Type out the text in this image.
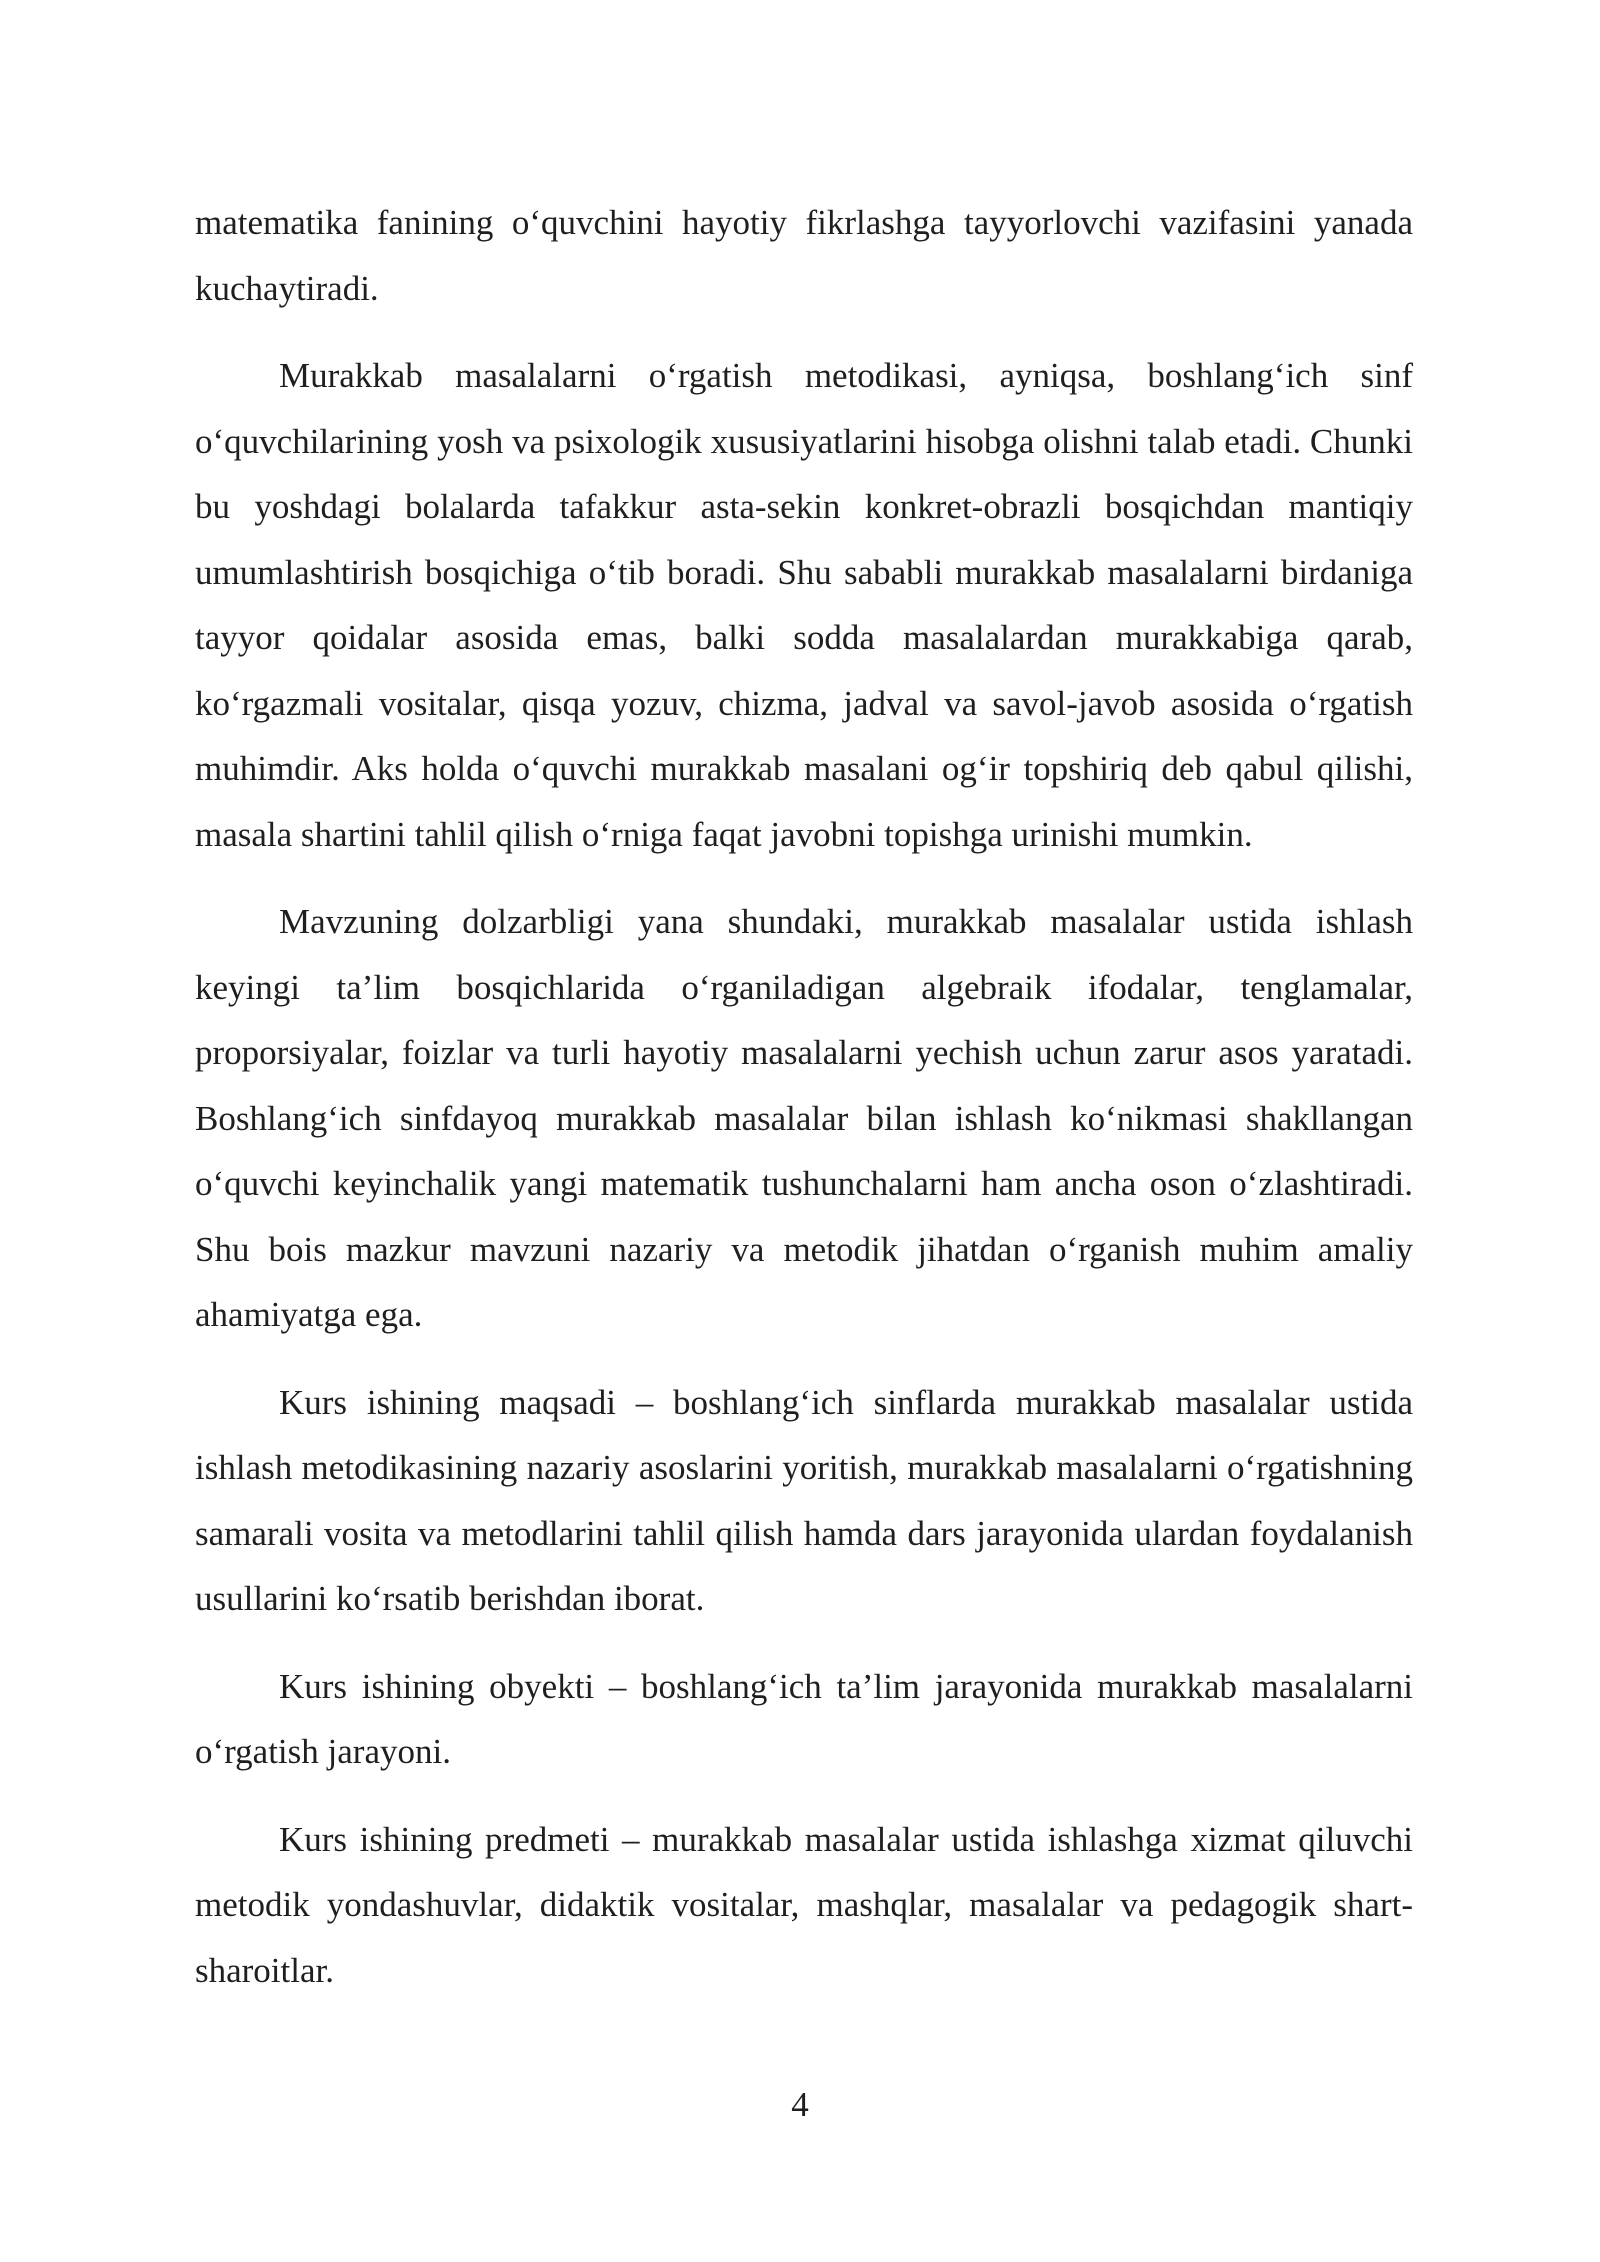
matematika fanining o‘quvchini hayotiy fikrlashga tayyorlovchi vazifasini yanada kuchaytiradi.

Murakkab masalalarni o‘rgatish metodikasi, ayniqsa, boshlang‘ich sinf o‘quvchilarining yosh va psixologik xususiyatlarini hisobga olishni talab etadi. Chunki bu yoshdagi bolalarda tafakkur asta-sekin konkret-obrazli bosqichdan mantiqiy umumlashtirish bosqichiga o‘tib boradi. Shu sababli murakkab masalalarni birdaniga tayyor qoidalar asosida emas, balki sodda masalalardan murakkabiga qarab, ko‘rgazmali vositalar, qisqa yozuv, chizma, jadval va savol-javob asosida o‘rgatish muhimdir. Aks holda o‘quvchi murakkab masalani og‘ir topshiriq deb qabul qilishi, masala shartini tahlil qilish o‘rniga faqat javobni topishga urinishi mumkin.

Mavzuning dolzarbligi yana shundaki, murakkab masalalar ustida ishlash keyingi ta’lim bosqichlarida o‘rganiladigan algebraik ifodalar, tenglamalar, proporsiyalar, foizlar va turli hayotiy masalalarni yechish uchun zarur asos yaratadi. Boshlang‘ich sinfdayoq murakkab masalalar bilan ishlash ko‘nikmasi shakllangan o‘quvchi keyinchalik yangi matematik tushunchalarni ham ancha oson o‘zlashtiradi. Shu bois mazkur mavzuni nazariy va metodik jihatdan o‘rganish muhim amaliy ahamiyatga ega.

Kurs ishining maqsadi – boshlang‘ich sinflarda murakkab masalalar ustida ishlash metodikasining nazariy asoslarini yoritish, murakkab masalalarni o‘rgatishning samarali vosita va metodlarini tahlil qilish hamda dars jarayonida ulardan foydalanish usullarini ko‘rsatib berishdan iborat.

Kurs ishining obyekti – boshlang‘ich ta’lim jarayonida murakkab masalalarni o‘rgatish jarayoni.

Kurs ishining predmeti – murakkab masalalar ustida ishlashga xizmat qiluvchi metodik yondashuvlar, didaktik vositalar, mashqlar, masalalar va pedagogik shart-sharoitlar.

4
